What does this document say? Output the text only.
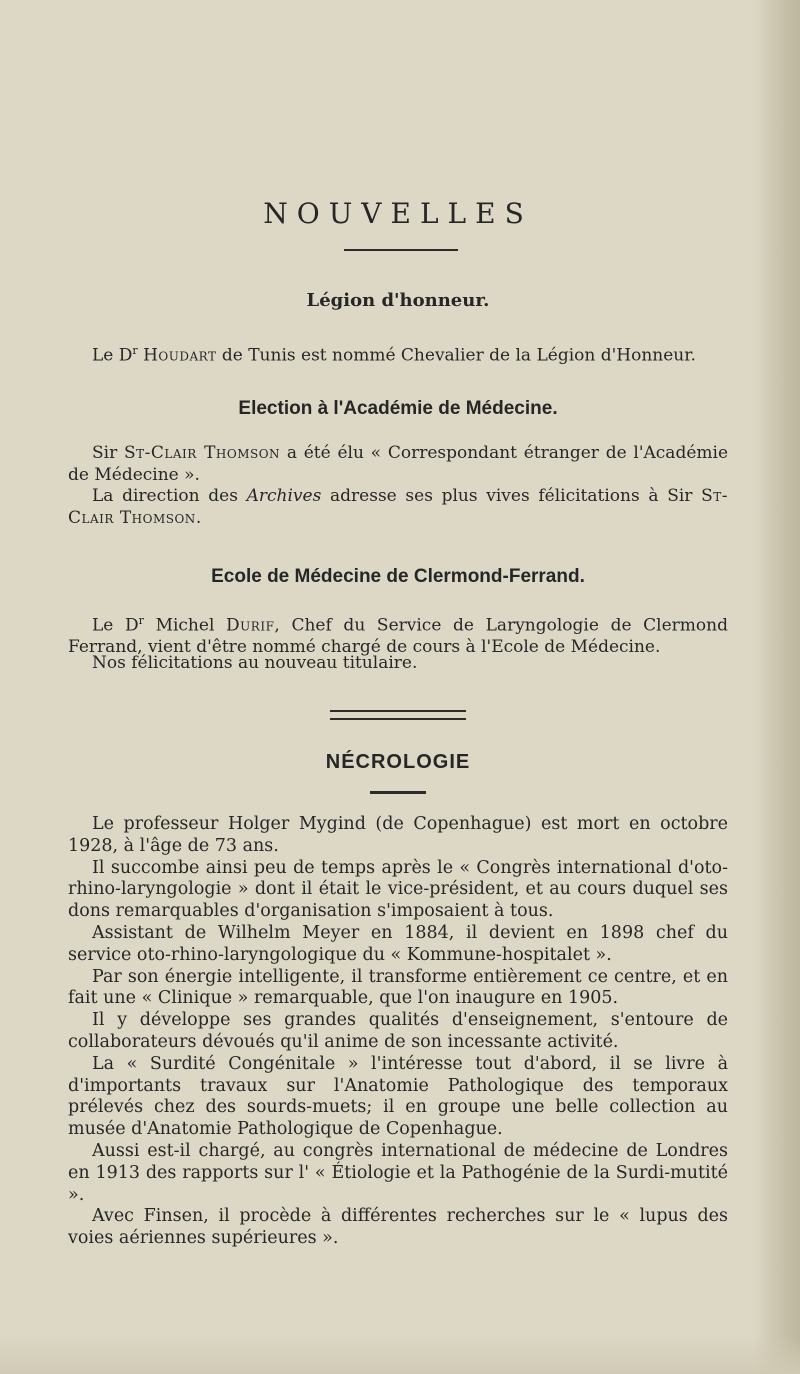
NOUVELLES
Légion d'honneur.

Le $D^r$ Houdart de Tunis est nommé Chevalier de la Légion d'Honneur.

Election à l'Académie de Médecine.

Sir St-Clair Thomson a été élu « Correspondant étranger de l'Académie de Médecine ».

La direction des Archives adresse ses plus vives félicitations à Sir St-Clair Thomson.

Ecole de Médecine de Clermond-Ferrand.

Le $D^r$ Michel Durif, Chef du Service de Laryngologie de Clermond Ferrand, vient d'être nommé chargé de cours à l'Ecole de Médecine.

Nos félicitations au nouveau titulaire.

NÉCROLOGIE

Le professeur Holger Mygind (de Copenhague) est mort en octobre 1928, à l'âge de 73 ans.

Il succombe ainsi peu de temps après le « Congrès international d'oto-rhino-laryngologie » dont il était le vice-président, et au cours duquel ses dons remarquables d'organisation s'imposaient à tous.

Assistant de Wilhelm Meyer en 1884, il devient en 1898 chef du service oto-rhino-laryngologique du « Kommune-hospitalet ».

Par son énergie intelligente, il transforme entièrement ce centre, et en fait une « Clinique » remarquable, que l'on inaugure en 1905.

Il y développe ses grandes qualités d'enseignement, s'entoure de collaborateurs dévoués qu'il anime de son incessante activité.

La « Surdité Congénitale » l'intéresse tout d'abord, il se livre à d'importants travaux sur l'Anatomie Pathologique des temporaux prélevés chez des sourds-muets; il en groupe une belle collection au musée d'Anatomie Pathologique de Copenhague.

Aussi est-il chargé, au congrès international de médecine de Londres en 1913 des rapports sur l' « Étiologie et la Pathogénie de la Surdi-mutité ».

Avec Finsen, il procède à différentes recherches sur le « lupus des voies aériennes supérieures ».
